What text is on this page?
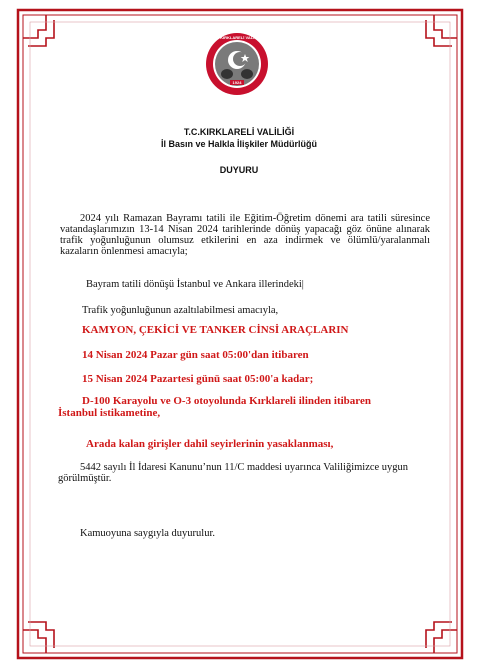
1924
T.C. KIRKLARELİ VALİLİĞİ

T.C.KIRKLARELİ VALİLİĞİ

İl Basın ve Halkla İlişkiler Müdürlüğü

DUYURU

2024 yılı Ramazan Bayramı tatili ile Eğitim-Öğretim dönemi ara tatili süresince vatandaşlarımızın 13-14 Nisan 2024 tarihlerinde dönüş yapacağı göz önüne alınarak trafik yoğunluğunun olumsuz etkilerini en aza indirmek ve ölümlü/yaralanmalı kazaların önlenmesi amacıyla;

Bayram tatili dönüşü İstanbul ve Ankara illerindeki|

Trafik yoğunluğunun azaltılabilmesi amacıyla,

KAMYON, ÇEKİCİ VE TANKER CİNSİ ARAÇLARIN

14 Nisan 2024 Pazar gün saat 05:00'dan itibaren

15 Nisan 2024 Pazartesi günü saat 05:00'a kadar;

D-100 Karayolu ve O-3 otoyolunda Kırklareli ilinden itibaren İstanbul istikametine,

Arada kalan girişler dahil seyirlerinin yasaklanması,

5442 sayılı İl İdaresi Kanunu’nun 11/C maddesi uyarınca Valiliğimizce uygun görülmüştür.

Kamuoyuna saygıyla duyurulur.
